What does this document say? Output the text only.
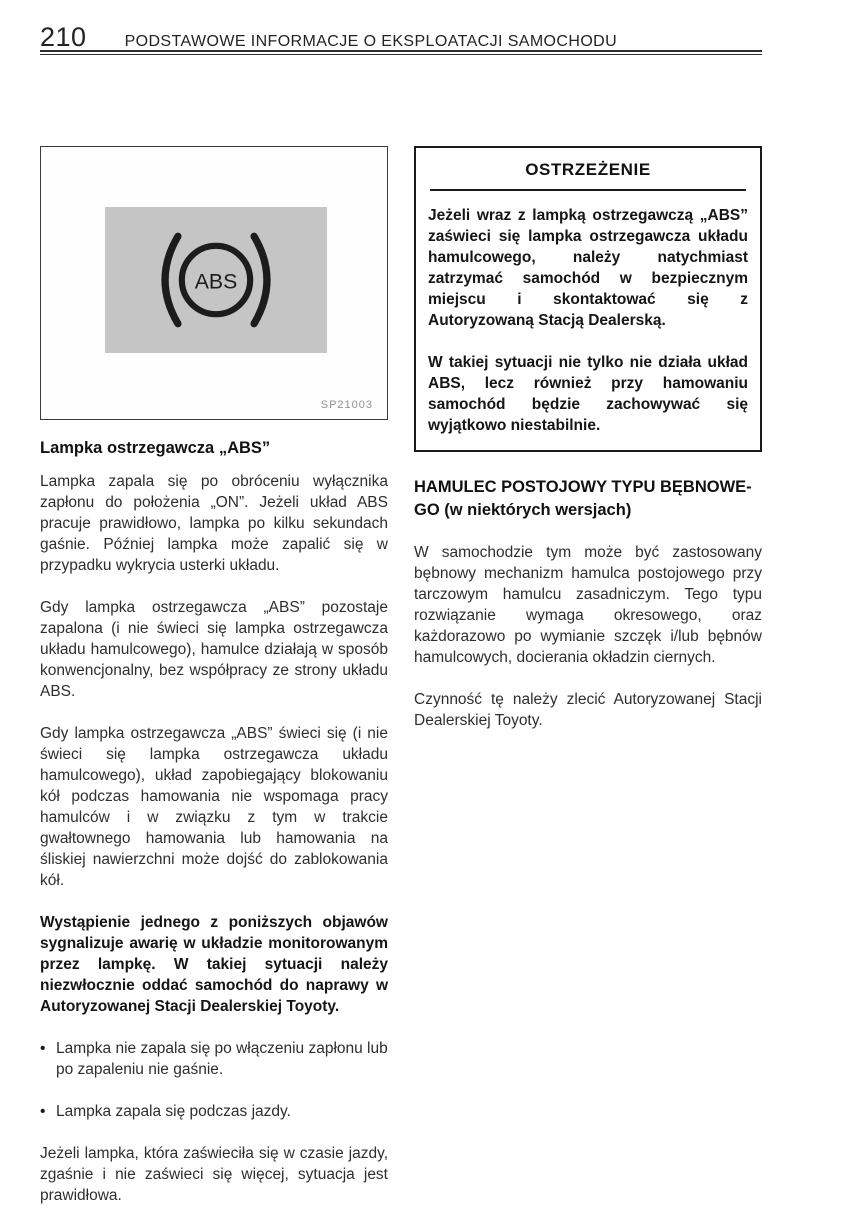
210 PODSTAWOWE INFORMACJE O EKSPLOATACJI SAMOCHODU
ABS
SP21003
Lampka ostrzegawcza „ABS”

Lampka zapala się po obróceniu wyłącznika zapłonu do położenia „ON”. Jeżeli układ ABS pracuje prawidłowo, lampka po kilku sekundach gaśnie. Później lampka może zapalić się w przypadku wykrycia usterki układu.

Gdy lampka ostrzegawcza „ABS” pozostaje zapalona (i nie świeci się lampka ostrzegawcza układu hamulcowego), hamulce działają w sposób konwencjonalny, bez współpracy ze strony układu ABS.

Gdy lampka ostrzegawcza „ABS” świeci się (i nie świeci się lampka ostrzegawcza układu hamulcowego), układ zapobiegający blokowaniu kół podczas hamowania nie wspomaga pracy hamulców i w związku z tym w trakcie gwałtownego hamowania lub hamowania na śliskiej nawierzchni może dojść do zablokowania kół.

Wystąpienie jednego z poniższych objawów sygnalizuje awarię w układzie monitorowanym przez lampkę. W takiej sytuacji należy niezwłocznie oddać samochód do naprawy w Autoryzowanej Stacji Dealerskiej Toyoty.

• Lampka nie zapala się po włączeniu zapłonu lub po zapaleniu nie gaśnie.
• Lampka zapala się podczas jazdy.

Jeżeli lampka, która zaświeciła się w czasie jazdy, zgaśnie i nie zaświeci się więcej, sytuacja jest prawidłowa.

OSTRZEŻENIE

Jeżeli wraz z lampką ostrzegawczą „ABS” zaświeci się lampka ostrzegawcza układu hamulcowego, należy natychmiast zatrzymać samochód w bezpiecznym miejscu i skontaktować się z Autoryzowaną Stacją Dealerską.

W takiej sytuacji nie tylko nie działa układ ABS, lecz również przy hamowaniu samochód będzie zachowywać się wyjątkowo niestabilnie.

HAMULEC POSTOJOWY TYPU BĘBNOWE-GO (w niektórych wersjach)

W samochodzie tym może być zastosowany bębnowy mechanizm hamulca postojowego przy tarczowym hamulcu zasadniczym. Tego typu rozwiązanie wymaga okresowego, oraz każdorazowo po wymianie szczęk i/lub bębnów hamulcowych, docierania okładzin ciernych.

Czynność tę należy zlecić Autoryzowanej Stacji Dealerskiej Toyoty.
